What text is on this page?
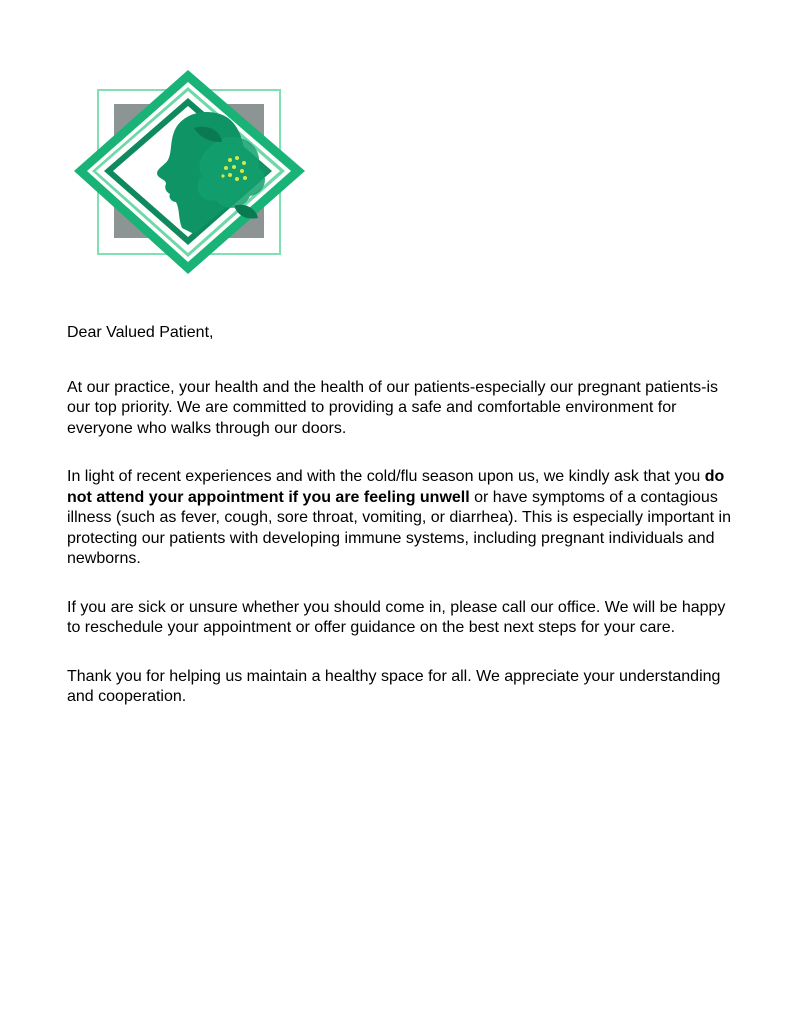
Dear Valued Patient,

At our practice, your health and the health of our patients-especially our pregnant patients-is our top priority. We are committed to providing a safe and comfortable environment for everyone who walks through our doors.

In light of recent experiences and with the cold/flu season upon us, we kindly ask that you do not attend your appointment if you are feeling unwell or have symptoms of a contagious illness (such as fever, cough, sore throat, vomiting, or diarrhea). This is especially important in protecting our patients with developing immune systems, including pregnant individuals and newborns.

If you are sick or unsure whether you should come in, please call our office. We will be happy to reschedule your appointment or offer guidance on the best next steps for your care.

Thank you for helping us maintain a healthy space for all. We appreciate your understanding and cooperation.
